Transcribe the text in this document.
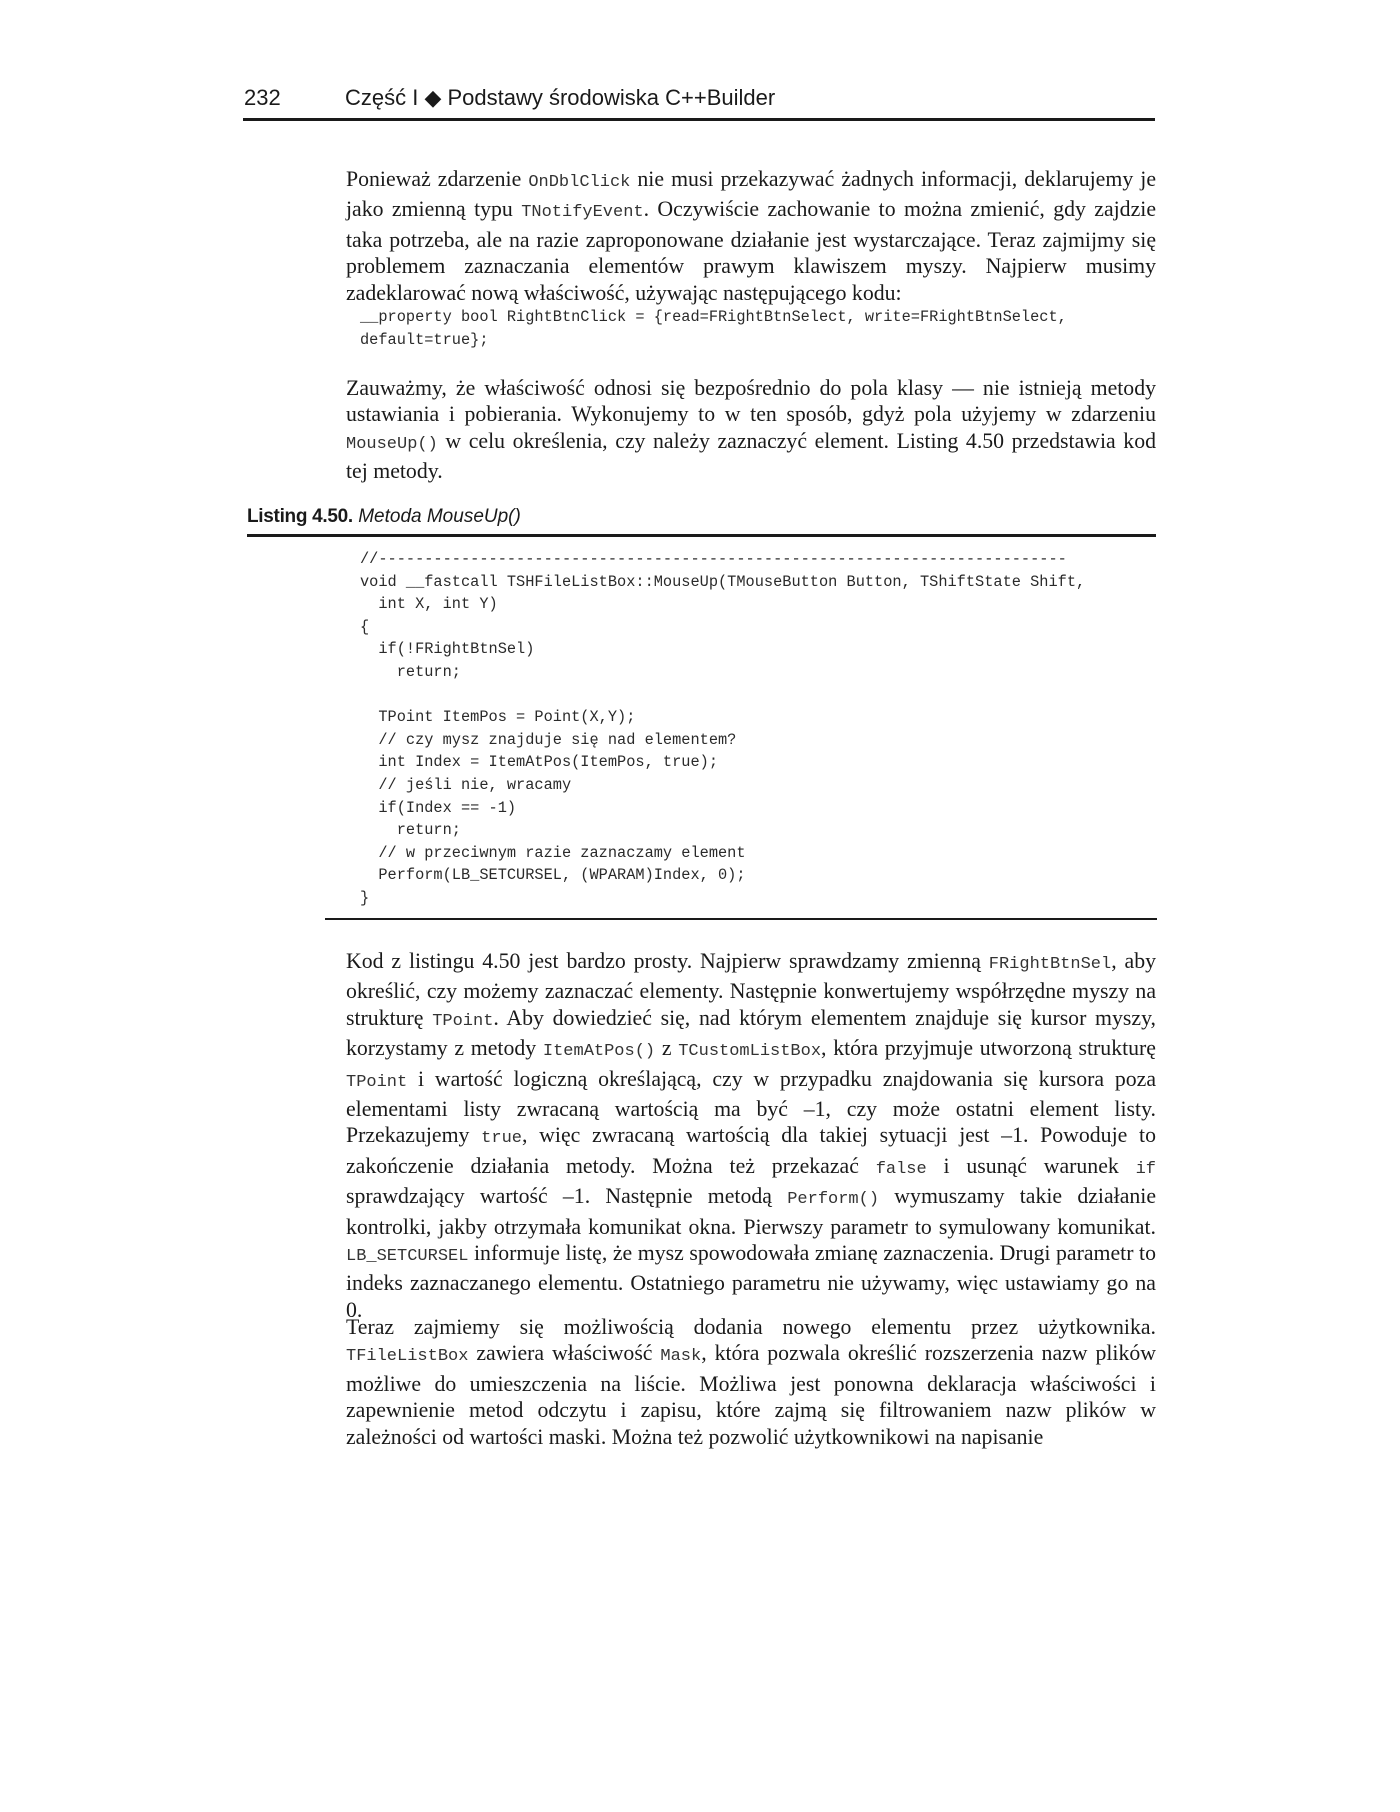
232	Część I ◆ Podstawy środowiska C++Builder

Ponieważ zdarzenie OnDblClick nie musi przekazywać żadnych informacji, deklarujemy je jako zmienną typu TNotifyEvent. Oczywiście zachowanie to można zmienić, gdy zajdzie taka potrzeba, ale na razie zaproponowane działanie jest wystarczające. Teraz zajmijmy się problemem zaznaczania elementów prawym klawiszem myszy. Najpierw musimy zadeklarować nową właściwość, używając następującego kodu:

__property bool RightBtnClick = {read=FRightBtnSelect, write=FRightBtnSelect,
default=true};

Zauważmy, że właściwość odnosi się bezpośrednio do pola klasy — nie istnieją metody ustawiania i pobierania. Wykonujemy to w ten sposób, gdyż pola użyjemy w zdarzeniu MouseUp() w celu określenia, czy należy zaznaczyć element. Listing 4.50 przedstawia kod tej metody.

Listing 4.50. Metoda MouseUp()
//---------------------------------------------------------------------------
void __fastcall TSHFileListBox::MouseUp(TMouseButton Button, TShiftState Shift,
int X, int Y)
{
if(!FRightBtnSel)
return;

TPoint ItemPos = Point(X,Y);
// czy mysz znajduje się nad elementem?
int Index = ItemAtPos(ItemPos, true);
// jeśli nie, wracamy
if(Index == -1)
return;
// w przeciwnym razie zaznaczamy element
Perform(LB_SETCURSEL, (WPARAM)Index, 0);
}

Kod z listingu 4.50 jest bardzo prosty. Najpierw sprawdzamy zmienną FRightBtnSel, aby określić, czy możemy zaznaczać elementy. Następnie konwertujemy współrzędne myszy na strukturę TPoint. Aby dowiedzieć się, nad którym elementem znajduje się kursor myszy, korzystamy z metody ItemAtPos() z TCustomListBox, która przyjmuje utworzoną strukturę TPoint i wartość logiczną określającą, czy w przypadku znajdowania się kursora poza elementami listy zwracaną wartością ma być –1, czy może ostatni element listy. Przekazujemy true, więc zwracaną wartością dla takiej sytuacji jest –1. Powoduje to zakończenie działania metody. Można też przekazać false i usunąć warunek if sprawdzający wartość –1. Następnie metodą Perform() wymuszamy takie działanie kontrolki, jakby otrzymała komunikat okna. Pierwszy parametr to symulowany komunikat. LB_SETCURSEL informuje listę, że mysz spowodowała zmianę zaznaczenia. Drugi parametr to indeks zaznaczanego elementu. Ostatniego parametru nie używamy, więc ustawiamy go na 0.

Teraz zajmiemy się możliwością dodania nowego elementu przez użytkownika. TFileListBox zawiera właściwość Mask, która pozwala określić rozszerzenia nazw plików możliwe do umieszczenia na liście. Możliwa jest ponowna deklaracja właściwości i zapewnienie metod odczytu i zapisu, które zajmą się filtrowaniem nazw plików w zależności od wartości maski. Można też pozwolić użytkownikowi na napisanie
